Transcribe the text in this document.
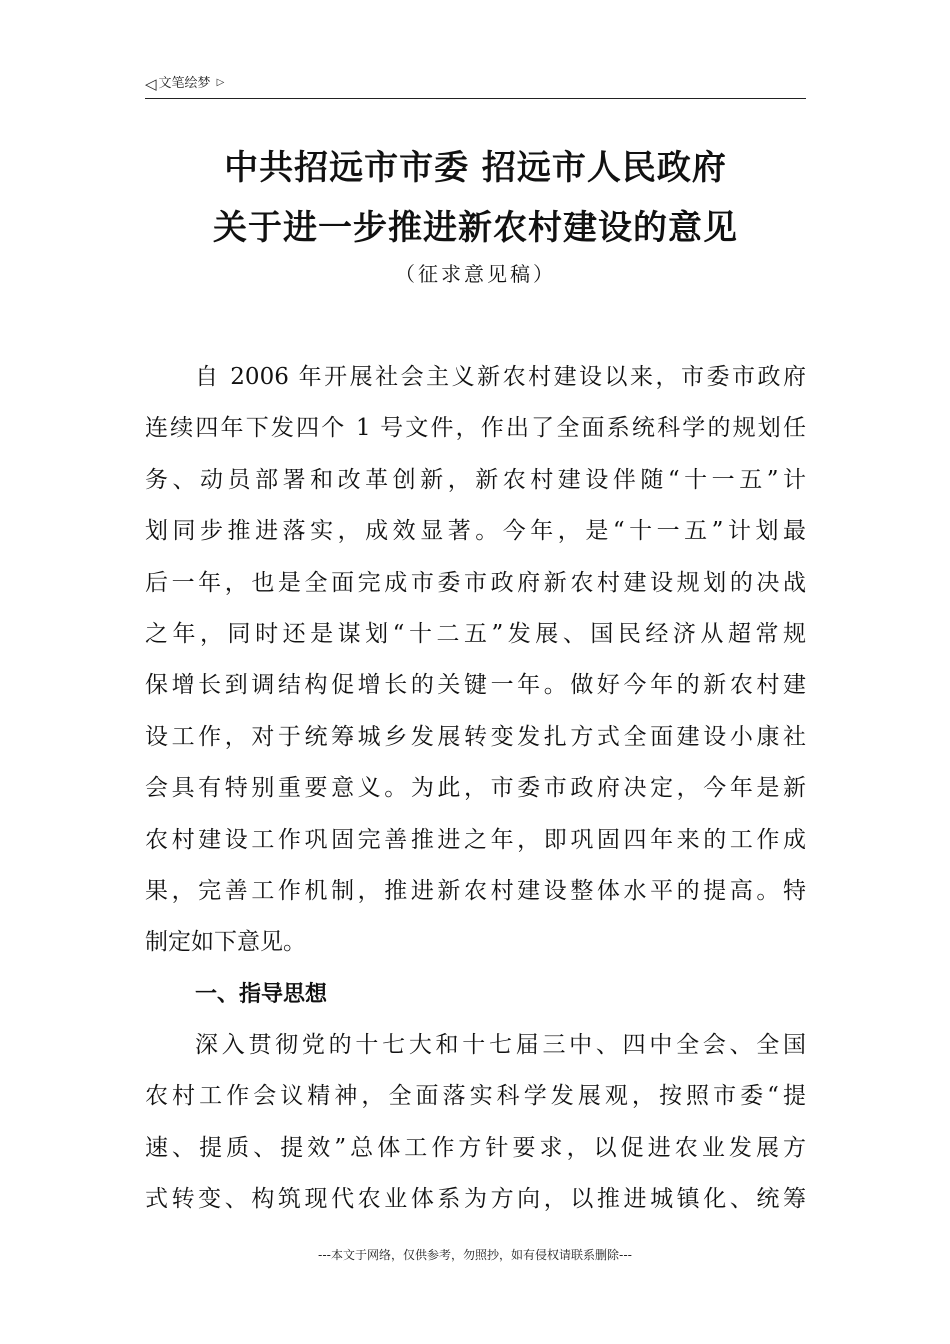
◁ 文笔绘梦 ▷
中共招远市市委 招远市人民政府
关于进一步推进新农村建设的意见
（征求意见稿）
自 2006 年开展社会主义新农村建设以来，市委市政府
连续四年下发四个 1 号文件，作出了全面系统科学的规划任
务、动员部署和改革创新，新农村建设伴随“十一五”计
划同步推进落实，成效显著。今年，是“十一五”计划最
后一年，也是全面完成市委市政府新农村建设规划的决战
之年，同时还是谋划“十二五”发展、国民经济从超常规
保增长到调结构促增长的关键一年。做好今年的新农村建
设工作，对于统筹城乡发展转变发扎方式全面建设小康社
会具有特别重要意义。为此，市委市政府决定，今年是新
农村建设工作巩固完善推进之年，即巩固四年来的工作成
果，完善工作机制，推进新农村建设整体水平的提高。特
制定如下意见。
一、指导思想
深入贯彻党的十七大和十七届三中、四中全会、全国
农村工作会议精神，全面落实科学发展观，按照市委“提
速、提质、提效”总体工作方针要求，以促进农业发展方
式转变、构筑现代农业体系为方向，以推进城镇化、统筹
---本文于网络，仅供参考，勿照抄，如有侵权请联系删除---
